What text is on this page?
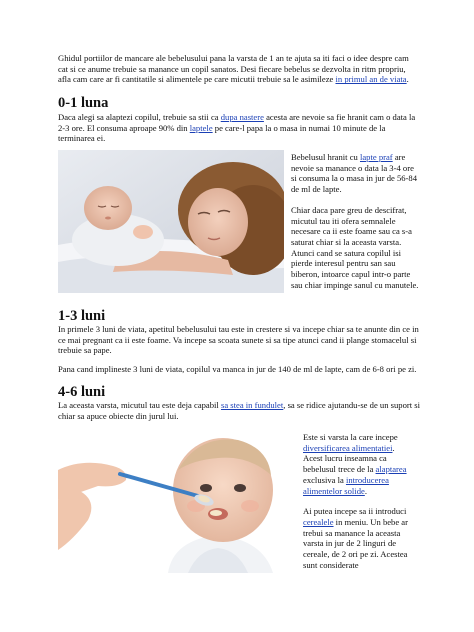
Ghidul portiilor de mancare ale bebelusului pana la varsta de 1 an te ajuta sa iti faci o idee despre cam cat si ce anume trebuie sa manance un copil sanatos. Desi fiecare bebelus se dezvolta in ritm propriu, afla cam care ar fi cantitatile si alimentele pe care micutii trebuie sa le asimileze in primul an de viata.

0-1 luna

Daca alegi sa alaptezi copilul, trebuie sa stii ca dupa nastere acesta are nevoie sa fie hranit cam o data la 2-3 ore. El consuma aproape 90% din laptele pe care-l papa la o masa in numai 10 minute de la terminarea ei.

Bebelusul hranit cu lapte praf are nevoie sa manance o data la 3-4 ore si consuma la o masa in jur de 56-84 de ml de lapte.

Chiar daca pare greu de descifrat, micutul tau iti ofera semnalele necesare ca ii este foame sau ca s-a saturat chiar si la aceasta varsta. Atunci cand se satura copilul isi pierde interesul pentru san sau biberon, intoarce capul intr-o parte sau chiar impinge sanul cu manutele.

1-3 luni

In primele 3 luni de viata, apetitul bebelusului tau este in crestere si va incepe chiar sa te anunte din ce in ce mai pregnant ca ii este foame. Va incepe sa scoata sunete si sa tipe atunci cand ii plange stomacelul si trebuie sa pape.

Pana cand implineste 3 luni de viata, copilul va manca in jur de 140 de ml de lapte, cam de 6-8 ori pe zi.

4-6 luni

La aceasta varsta, micutul tau este deja capabil sa stea in fundulet, sa se ridice ajutandu-se de un suport si chiar sa apuce obiecte din jurul lui.

Este si varsta la care incepe diversificarea alimentatiei. Acest lucru inseamna ca bebelusul trece de la alaptarea exclusiva la introducerea alimentelor solide.

Ai putea incepe sa ii introduci cerealele in meniu. Un bebe ar trebui sa manance la aceasta varsta in jur de 2 linguri de cereale, de 2 ori pe zi. Acestea sunt considerate
